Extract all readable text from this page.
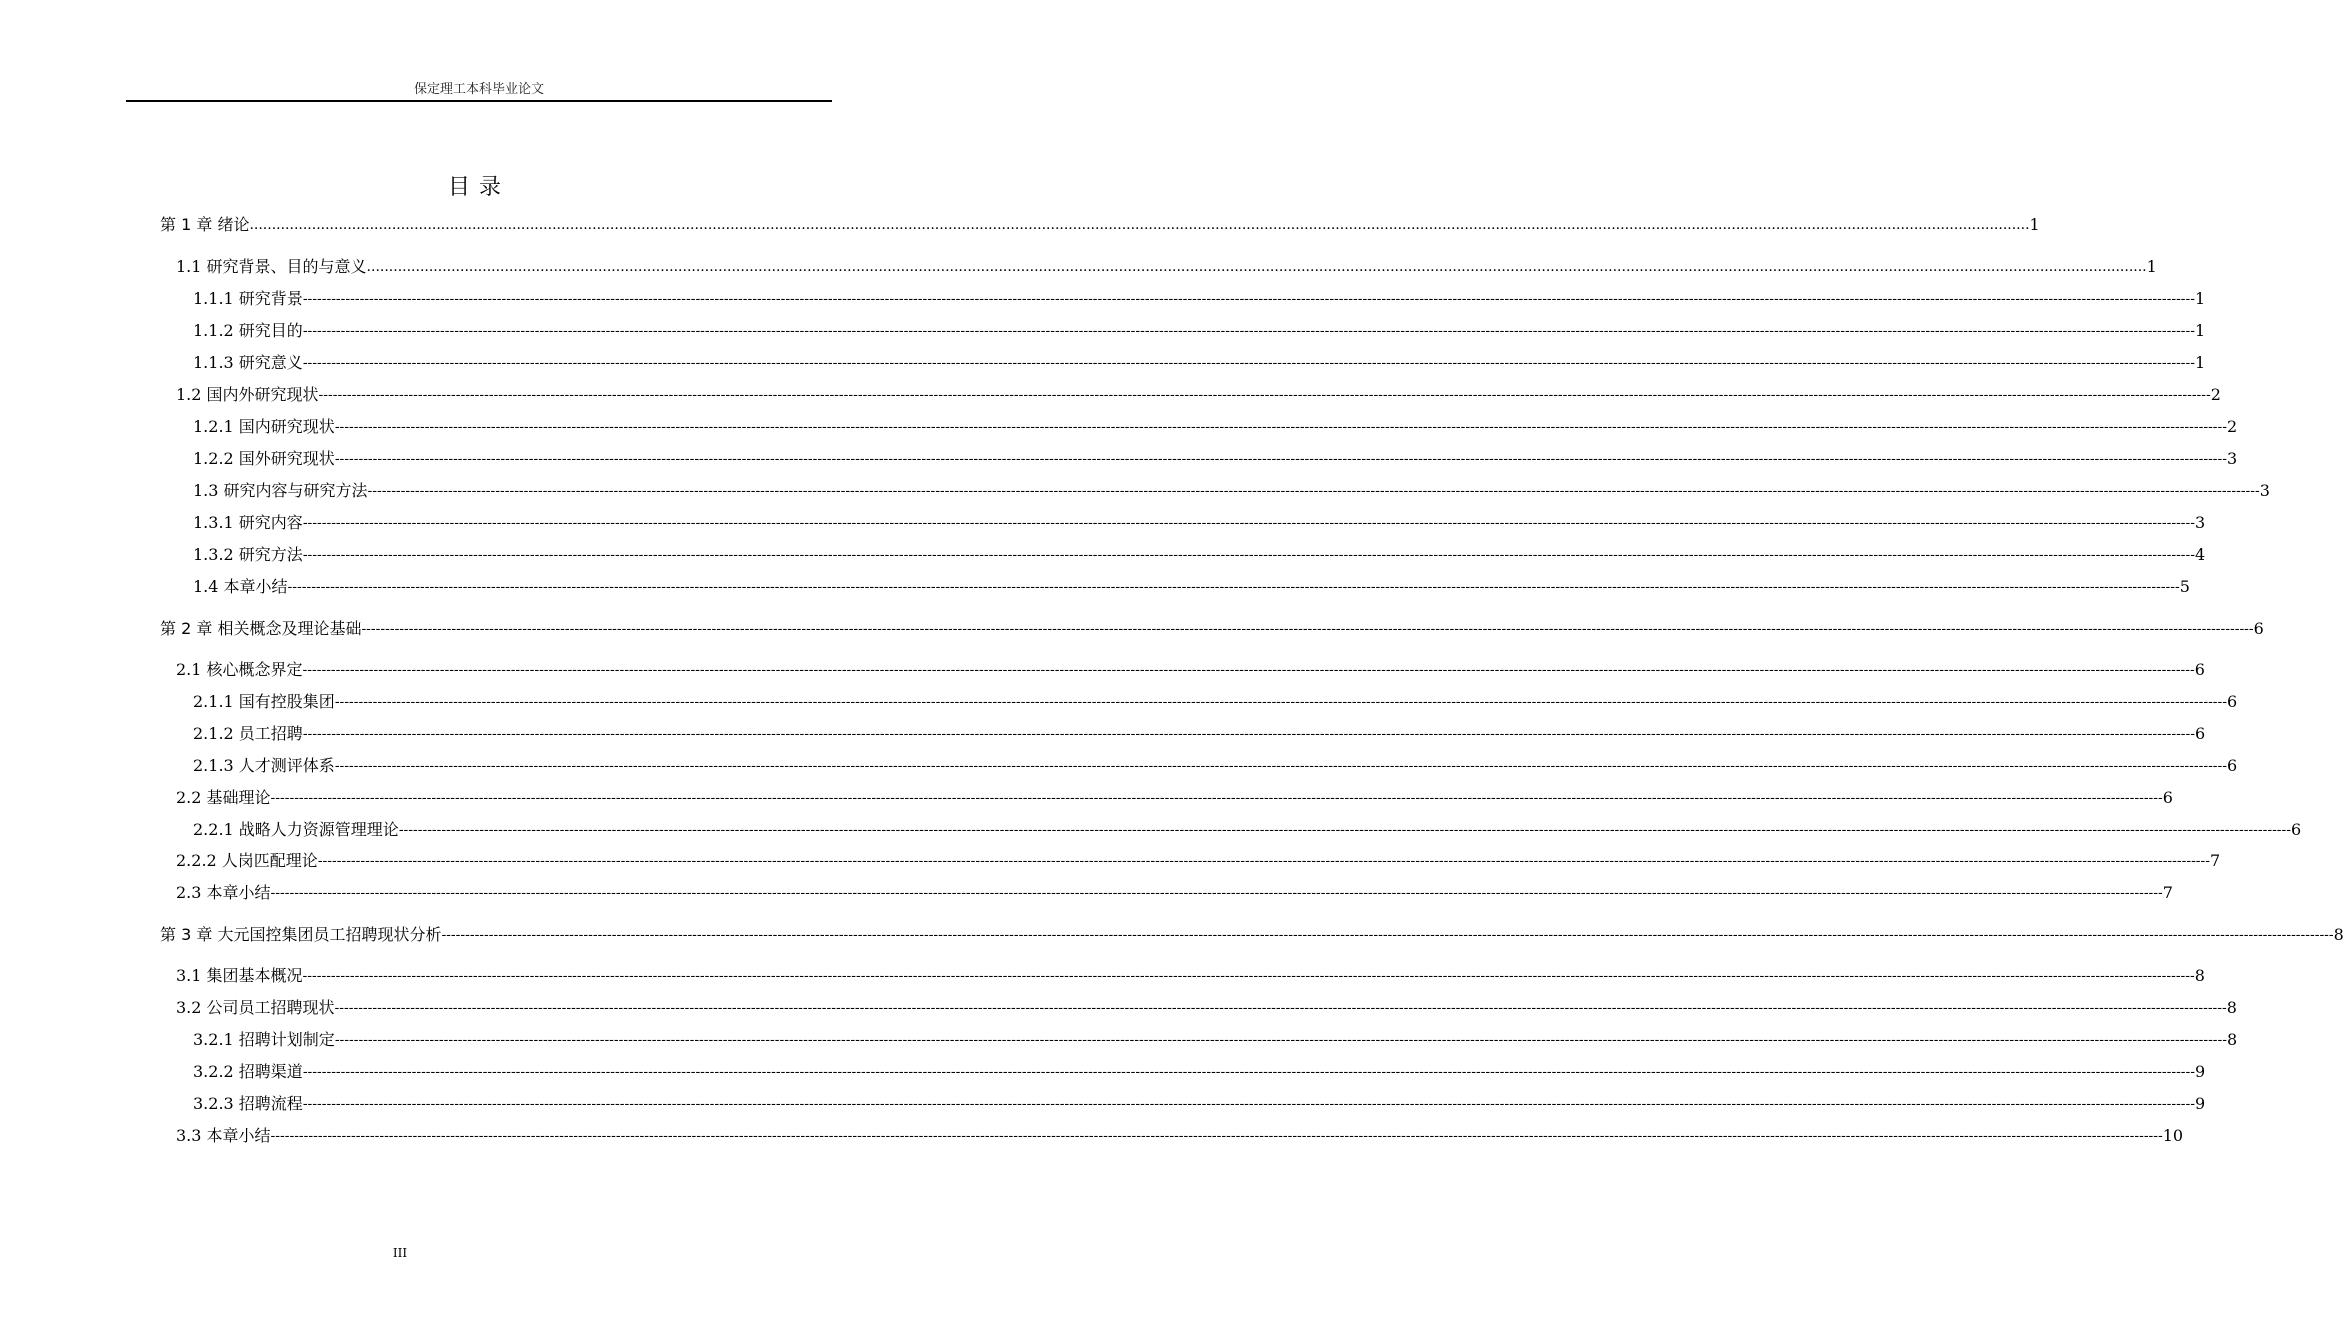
保定理工本科毕业论文
目 录
第 1 章 绪论 ................................................................................................................................................................................................................................................................................................................................................................................................................ 1
1.1 研究背景、目的与意义 ................................................................................................................................................................................................................................................................................................................................................................................................................ 1
1.1.1 研究背景 ---------------------------------------------------------------------------------------------------------------------------------------------------------------------------------------------------------------------------------------------------------------------------------------------------------------------------------------------------------------------------------------------------------------- 1
1.1.2 研究目的 ---------------------------------------------------------------------------------------------------------------------------------------------------------------------------------------------------------------------------------------------------------------------------------------------------------------------------------------------------------------------------------------------------------------- 1
1.1.3 研究意义 ---------------------------------------------------------------------------------------------------------------------------------------------------------------------------------------------------------------------------------------------------------------------------------------------------------------------------------------------------------------------------------------------------------------- 1
1.2 国内外研究现状 ---------------------------------------------------------------------------------------------------------------------------------------------------------------------------------------------------------------------------------------------------------------------------------------------------------------------------------------------------------------------------------------------------------------- 2
1.2.1 国内研究现状 ---------------------------------------------------------------------------------------------------------------------------------------------------------------------------------------------------------------------------------------------------------------------------------------------------------------------------------------------------------------------------------------------------------------- 2
1.2.2 国外研究现状 ---------------------------------------------------------------------------------------------------------------------------------------------------------------------------------------------------------------------------------------------------------------------------------------------------------------------------------------------------------------------------------------------------------------- 3
1.3 研究内容与研究方法 ---------------------------------------------------------------------------------------------------------------------------------------------------------------------------------------------------------------------------------------------------------------------------------------------------------------------------------------------------------------------------------------------------------------- 3
1.3.1 研究内容 ---------------------------------------------------------------------------------------------------------------------------------------------------------------------------------------------------------------------------------------------------------------------------------------------------------------------------------------------------------------------------------------------------------------- 3
1.3.2 研究方法 ---------------------------------------------------------------------------------------------------------------------------------------------------------------------------------------------------------------------------------------------------------------------------------------------------------------------------------------------------------------------------------------------------------------- 4
1.4 本章小结 ---------------------------------------------------------------------------------------------------------------------------------------------------------------------------------------------------------------------------------------------------------------------------------------------------------------------------------------------------------------------------------------------------------------- 5
第 2 章 相关概念及理论基础 ---------------------------------------------------------------------------------------------------------------------------------------------------------------------------------------------------------------------------------------------------------------------------------------------------------------------------------------------------------------------------------------------------------------- 6
2.1 核心概念界定 ---------------------------------------------------------------------------------------------------------------------------------------------------------------------------------------------------------------------------------------------------------------------------------------------------------------------------------------------------------------------------------------------------------------- 6
2.1.1 国有控股集团 ---------------------------------------------------------------------------------------------------------------------------------------------------------------------------------------------------------------------------------------------------------------------------------------------------------------------------------------------------------------------------------------------------------------- 6
2.1.2 员工招聘 ---------------------------------------------------------------------------------------------------------------------------------------------------------------------------------------------------------------------------------------------------------------------------------------------------------------------------------------------------------------------------------------------------------------- 6
2.1.3 人才测评体系 ---------------------------------------------------------------------------------------------------------------------------------------------------------------------------------------------------------------------------------------------------------------------------------------------------------------------------------------------------------------------------------------------------------------- 6
2.2 基础理论 ---------------------------------------------------------------------------------------------------------------------------------------------------------------------------------------------------------------------------------------------------------------------------------------------------------------------------------------------------------------------------------------------------------------- 6
2.2.1 战略人力资源管理理论 ---------------------------------------------------------------------------------------------------------------------------------------------------------------------------------------------------------------------------------------------------------------------------------------------------------------------------------------------------------------------------------------------------------------- 6
2.2.2 人岗匹配理论 ---------------------------------------------------------------------------------------------------------------------------------------------------------------------------------------------------------------------------------------------------------------------------------------------------------------------------------------------------------------------------------------------------------------- 7
2.3 本章小结 ---------------------------------------------------------------------------------------------------------------------------------------------------------------------------------------------------------------------------------------------------------------------------------------------------------------------------------------------------------------------------------------------------------------- 7
第 3 章 大元国控集团员工招聘现状分析 ---------------------------------------------------------------------------------------------------------------------------------------------------------------------------------------------------------------------------------------------------------------------------------------------------------------------------------------------------------------------------------------------------------------- 8
3.1 集团基本概况 ---------------------------------------------------------------------------------------------------------------------------------------------------------------------------------------------------------------------------------------------------------------------------------------------------------------------------------------------------------------------------------------------------------------- 8
3.2 公司员工招聘现状 ---------------------------------------------------------------------------------------------------------------------------------------------------------------------------------------------------------------------------------------------------------------------------------------------------------------------------------------------------------------------------------------------------------------- 8
3.2.1 招聘计划制定 ---------------------------------------------------------------------------------------------------------------------------------------------------------------------------------------------------------------------------------------------------------------------------------------------------------------------------------------------------------------------------------------------------------------- 8
3.2.2 招聘渠道 ---------------------------------------------------------------------------------------------------------------------------------------------------------------------------------------------------------------------------------------------------------------------------------------------------------------------------------------------------------------------------------------------------------------- 9
3.2.3 招聘流程 ---------------------------------------------------------------------------------------------------------------------------------------------------------------------------------------------------------------------------------------------------------------------------------------------------------------------------------------------------------------------------------------------------------------- 9
3.3 本章小结 ---------------------------------------------------------------------------------------------------------------------------------------------------------------------------------------------------------------------------------------------------------------------------------------------------------------------------------------------------------------------------------------------------------------- 10
III
